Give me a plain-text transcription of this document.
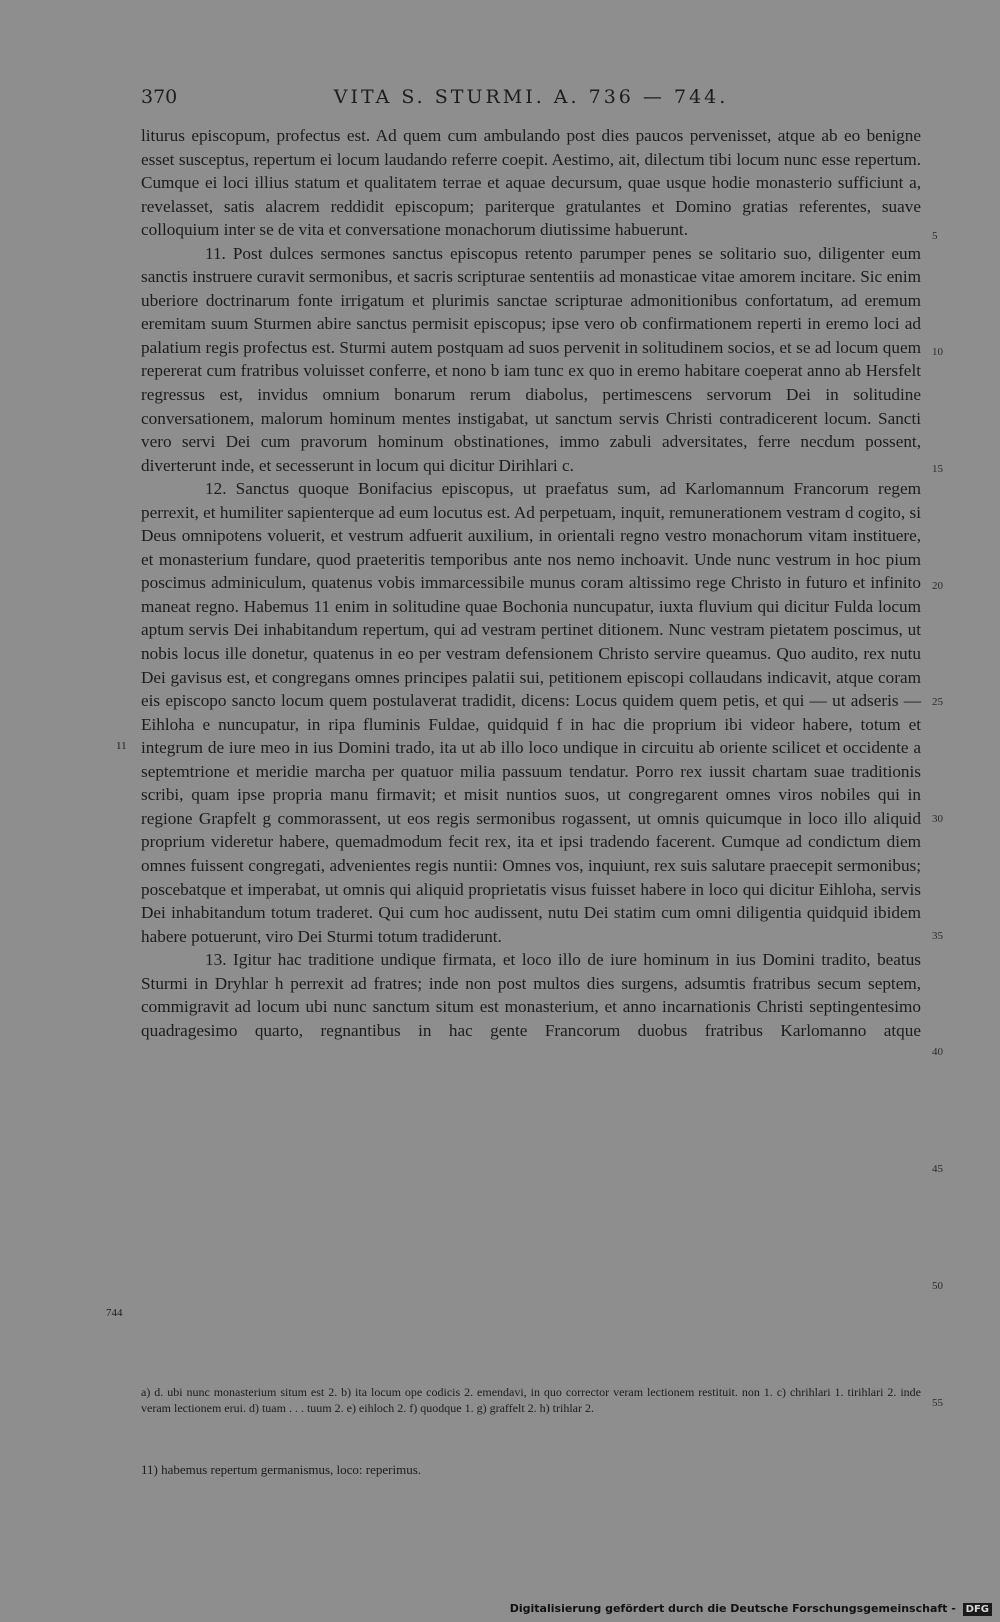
370	VITA S. STURMI. A. 736 — 744.

liturus episcopum, profectus est. Ad quem cum ambulando post dies paucos pervenisset, atque ab eo benigne esset susceptus, repertum ei locum laudando referre coepit. Aestimo, ait, dilectum tibi locum nunc esse repertum. Cumque ei loci illius statum et qualitatem terrae et aquae decursum, quae usque hodie monasterio sufficiunt a, revelasset, satis alacrem reddidit episcopum; pariterque gratulantes et Domino gratias referentes, suave colloquium inter se de vita et conversatione monachorum diutissime habuerunt.

11. Post dulces sermones sanctus episcopus retento parumper penes se solitario suo, diligenter eum sanctis instruere curavit sermonibus, et sacris scripturae sententiis ad monasticae vitae amorem incitare. Sic enim uberiore doctrinarum fonte irrigatum et plurimis sanctae scripturae admonitionibus confortatum, ad eremum eremitam suum Sturmen abire sanctus permisit episcopus; ipse vero ob confirmationem reperti in eremo loci ad palatium regis profectus est. Sturmi autem postquam ad suos pervenit in solitudinem socios, et se ad locum quem repererat cum fratribus voluisset conferre, et nono b iam tunc ex quo in eremo habitare coeperat anno ab Hersfelt regressus est, invidus omnium bonarum rerum diabolus, pertimescens servorum Dei in solitudine conversationem, malorum hominum mentes instigabat, ut sanctum servis Christi contradicerent locum. Sancti vero servi Dei cum pravorum hominum obstinationes, immo zabuli adversitates, ferre necdum possent, diverterunt inde, et secesserunt in locum qui dicitur Dirihlari c.

12. Sanctus quoque Bonifacius episcopus, ut praefatus sum, ad Karlomannum Francorum regem perrexit, et humiliter sapienterque ad eum locutus est. Ad perpetuam, inquit, remunerationem vestram d cogito, si Deus omnipotens voluerit, et vestrum adfuerit auxilium, in orientali regno vestro monachorum vitam instituere, et monasterium fundare, quod praeteritis temporibus ante nos nemo inchoavit. Unde nunc vestrum in hoc pium poscimus adminiculum, quatenus vobis immarcessibile munus coram altissimo rege Christo in futuro et infinito maneat regno. Habemus 11 enim in solitudine quae Bochonia nuncupatur, iuxta fluvium qui dicitur Fulda locum aptum servis Dei inhabitandum repertum, qui ad vestram pertinet ditionem. Nunc vestram pietatem poscimus, ut nobis locus ille donetur, quatenus in eo per vestram defensionem Christo servire queamus. Quo audito, rex nutu Dei gavisus est, et congregans omnes principes palatii sui, petitionem episcopi collaudans indicavit, atque coram eis episcopo sancto locum quem postulaverat tradidit, dicens: Locus quidem quem petis, et qui — ut adseris — Eihloha e nuncupatur, in ripa fluminis Fuldae, quidquid f in hac die proprium ibi videor habere, totum et integrum de iure meo in ius Domini trado, ita ut ab illo loco undique in circuitu ab oriente scilicet et occidente a septemtrione et meridie marcha per quatuor milia passuum tendatur. Porro rex iussit chartam suae traditionis scribi, quam ipse propria manu firmavit; et misit nuntios suos, ut congregarent omnes viros nobiles qui in regione Grapfelt g commorassent, ut eos regis sermonibus rogassent, ut omnis quicumque in loco illo aliquid proprium videretur habere, quemadmodum fecit rex, ita et ipsi tradendo facerent. Cumque ad condictum diem omnes fuissent congregati, advenientes regis nuntii: Omnes vos, inquiunt, rex suis salutare praecepit sermonibus; poscebatque et imperabat, ut omnis qui aliquid proprietatis visus fuisset habere in loco qui dicitur Eihloha, servis Dei inhabitandum totum traderet. Qui cum hoc audissent, nutu Dei statim cum omni diligentia quidquid ibidem habere potuerunt, viro Dei Sturmi totum tradiderunt.

13. Igitur hac traditione undique firmata, et loco illo de iure hominum in ius Domini tradito, beatus Sturmi in Dryhlar h perrexit ad fratres; inde non post multos dies surgens, adsumtis fratribus secum septem, commigravit ad locum ubi nunc sanctum situm est monasterium, et anno incarnationis Christi septingentesimo quadragesimo quarto, regnantibus in hac gente Francorum duobus fratribus Karlomanno atque

5
10
15
20
25
30
35
40
45
50
55
11
744

a) d. ubi nunc monasterium situm est 2. b) ita locum ope codicis 2. emendavi, in quo corrector veram lectionem restituit. non 1. c) chrihlari 1. tirihlari 2. inde veram lectionem erui. d) tuam . . . tuum 2. e) eihloch 2. f) quodque 1. g) graffelt 2. h) trihlar 2.

11) habemus repertum germanismus, loco: reperimus.

Digitalisierung gefördert durch die Deutsche Forschungsgemeinschaft - DFG
